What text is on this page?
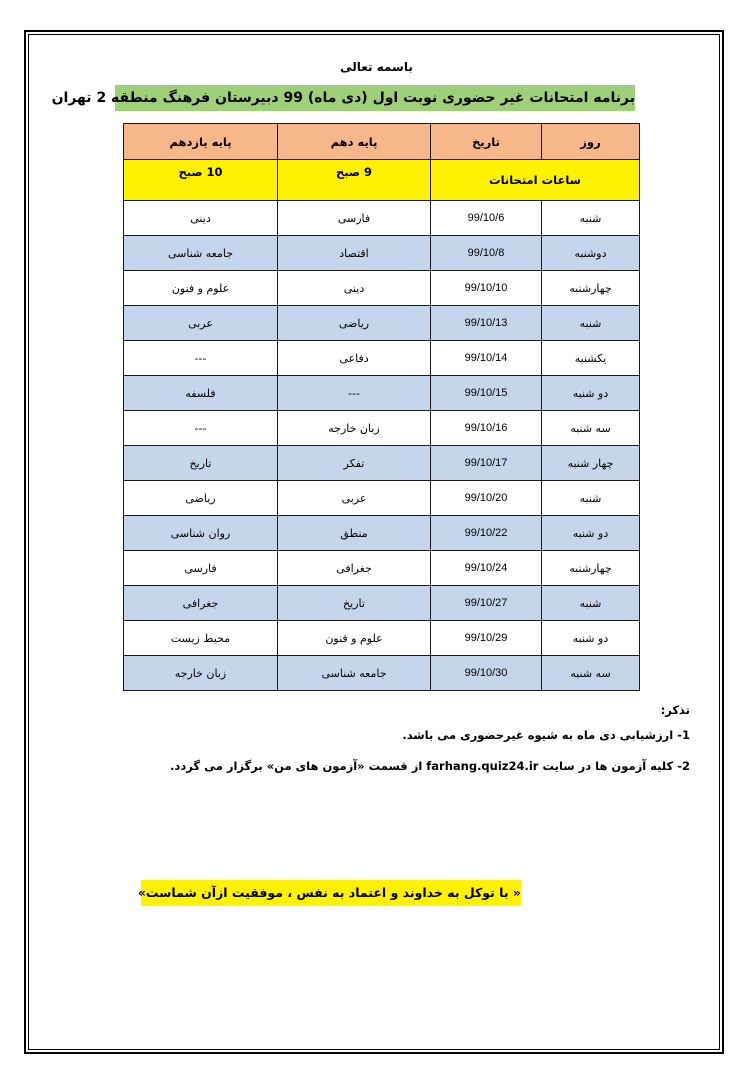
باسمه تعالی
برنامه امتحانات غیر حضوری نوبت اول (دی ماه) 99 دبیرستان فرهنگ منطقه 2 تهران
روز	تاریخ	پایه دهم	پایه یازدهم
ساعات امتحانات		9 صبح	10 صبح
شنبه	99/10/6	فارسی	دینی
دوشنبه	99/10/8	اقتصاد	جامعه شناسی
چهارشنبه	99/10/10	دینی	علوم و فنون
شنبه	99/10/13	ریاضی	عربی
یکشنبه	99/10/14	دفاعی	---
دو شنبه	99/10/15	---	فلسفه
سه شنبه	99/10/16	زبان خارجه	---
چهار شنبه	99/10/17	تفکر	تاریخ
شنبه	99/10/20	عربی	ریاضی
دو شنبه	99/10/22	منطق	روان شناسی
چهارشنبه	99/10/24	جغرافی	فارسی
شنبه	99/10/27	تاریخ	جغرافی
دو شنبه	99/10/29	علوم و فنون	محیط زیست
سه شنبه	99/10/30	جامعه شناسی	زبان خارجه
تذکر:
1- ارزشیابی دی ماه به شیوه غیرحضوری می باشد.
2- کلیه آزمون ها در سایت farhang.quiz24.ir از قسمت «آزمون های من» برگزار می گردد.
« با توکل به خداوند و اعتماد به نفس ، موفقیت ازآن شماست»
